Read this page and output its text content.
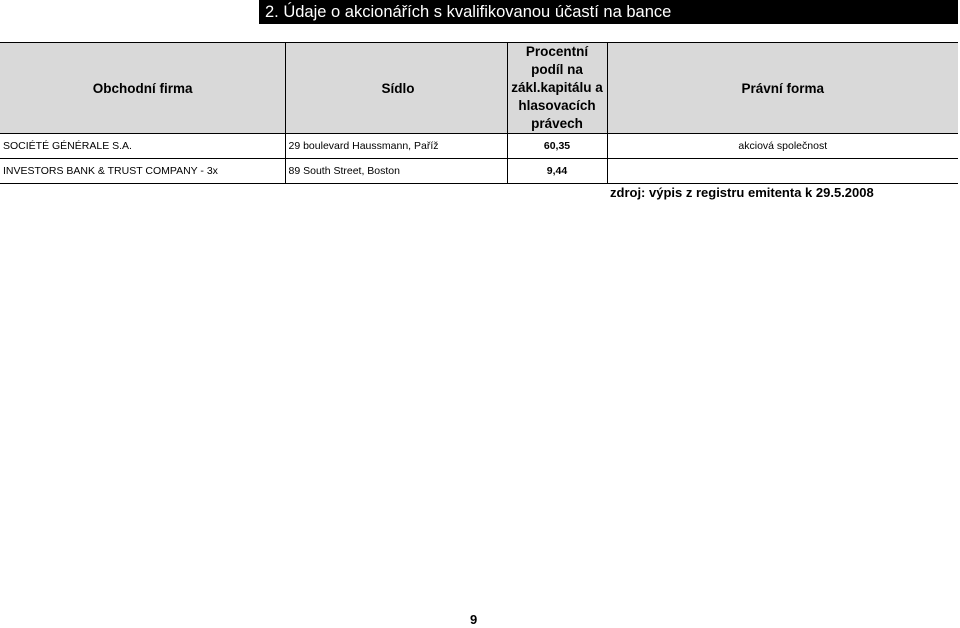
2. Údaje o akcionářích s kvalifikovanou účastí na bance
Obchodní firma	Sídlo	Procentní
podíl na
zákl.kapitálu a
hlasovacích
právech	Právní forma
SOCIÉTÉ GÉNÉRALE S.A.	29 boulevard Haussmann, Paříž	60,35	akciová společnost
INVESTORS BANK & TRUST COMPANY - 3x	89 South Street, Boston	9,44	
zdroj: výpis z registru emitenta k 29.5.2008
9
